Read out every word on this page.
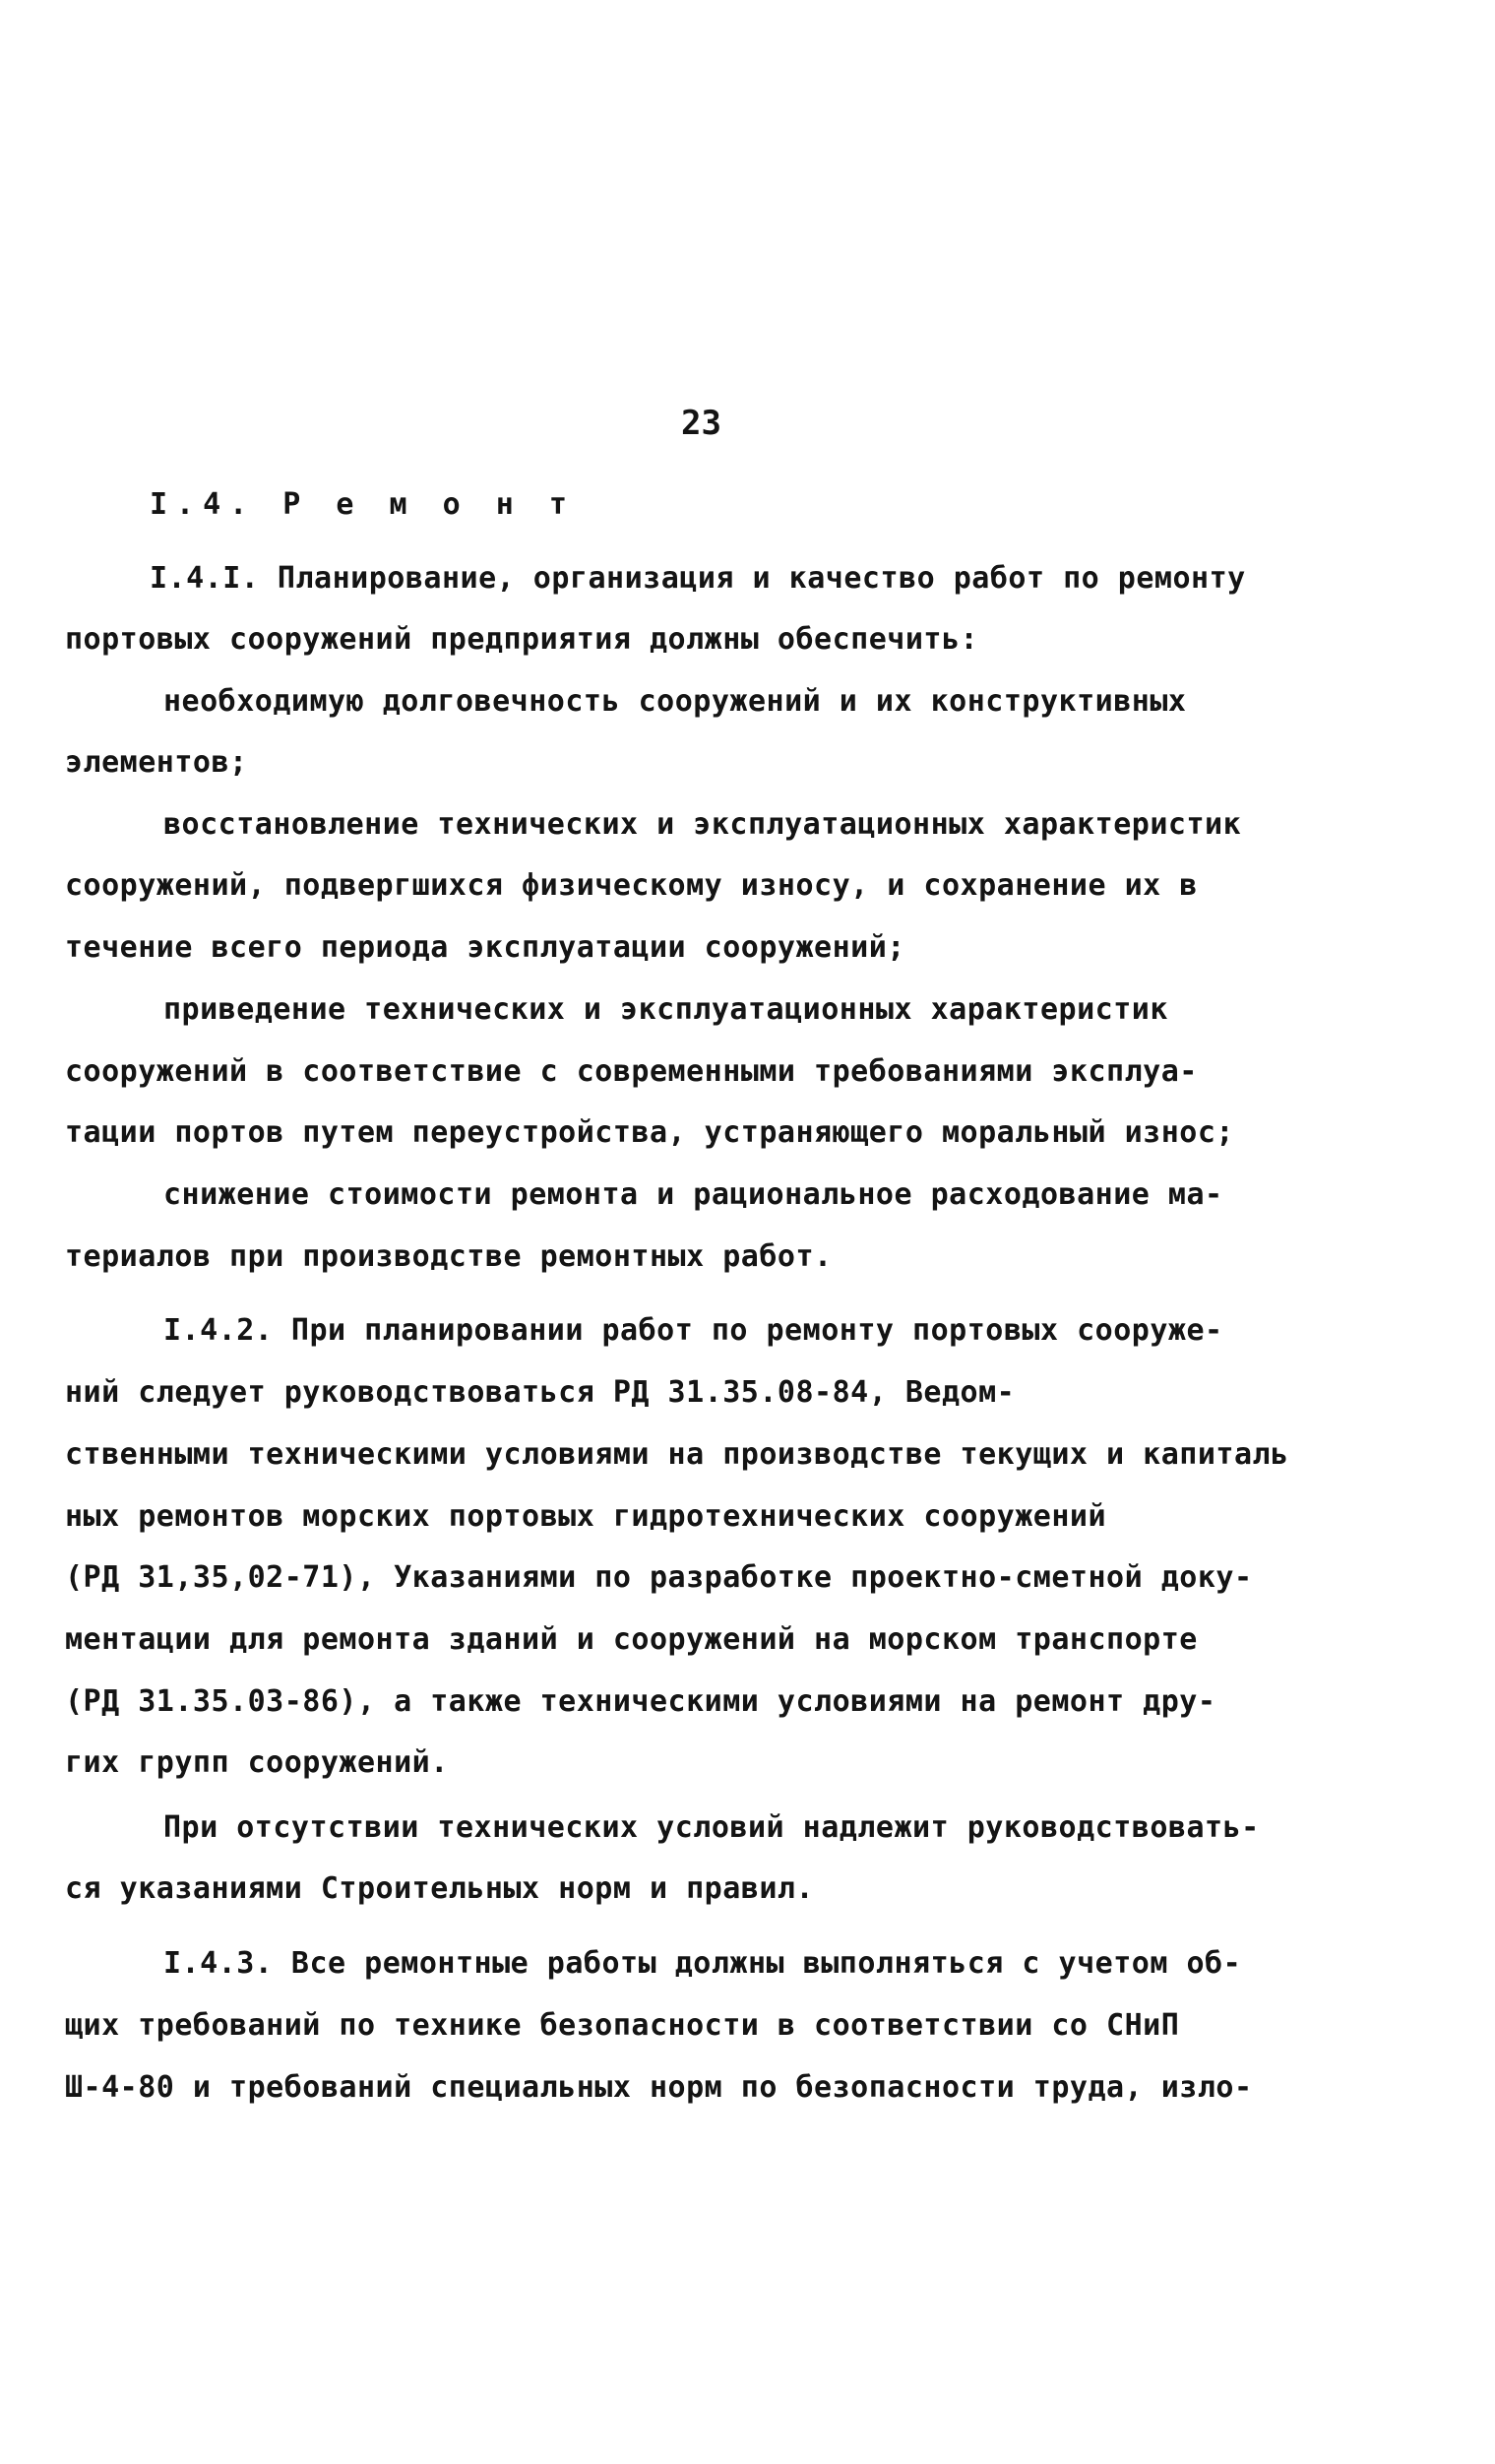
23
I.4. Р е м о н т
I.4.I. Планирование, организация и качество работ по ремонту
портовых сооружений предприятия должны обеспечить:
необходимую долговечность сооружений и их конструктивных
элементов;
восстановление технических и эксплуатационных характеристик
сооружений, подвергшихся физическому износу, и сохранение их в
течение всего периода эксплуатации сооружений;
приведение технических и эксплуатационных характеристик
сооружений в соответствие с современными требованиями эксплуа-
тации портов путем переустройства, устраняющего моральный износ;
снижение стоимости ремонта и рациональное расходование ма-
териалов при производстве ремонтных работ.
I.4.2. При планировании работ по ремонту портовых сооруже-
ний следует руководствоваться РД 31.35.08-84, Ведом-
ственными техническими условиями на производстве текущих и капиталь
ных ремонтов морских портовых гидротехнических сооружений
(РД 31,35,02-71), Указаниями по разработке проектно-сметной доку-
ментации для ремонта зданий и сооружений на морском транспорте
(РД 31.35.03-86), а также техническими условиями на ремонт дру-
гих групп сооружений.
При отсутствии технических условий надлежит руководствовать-
ся указаниями Строительных норм и правил.
I.4.3. Все ремонтные работы должны выполняться с учетом об-
щих требований по технике безопасности в соответствии со СНиП
Ш-4-80 и требований специальных норм по безопасности труда, изло-
